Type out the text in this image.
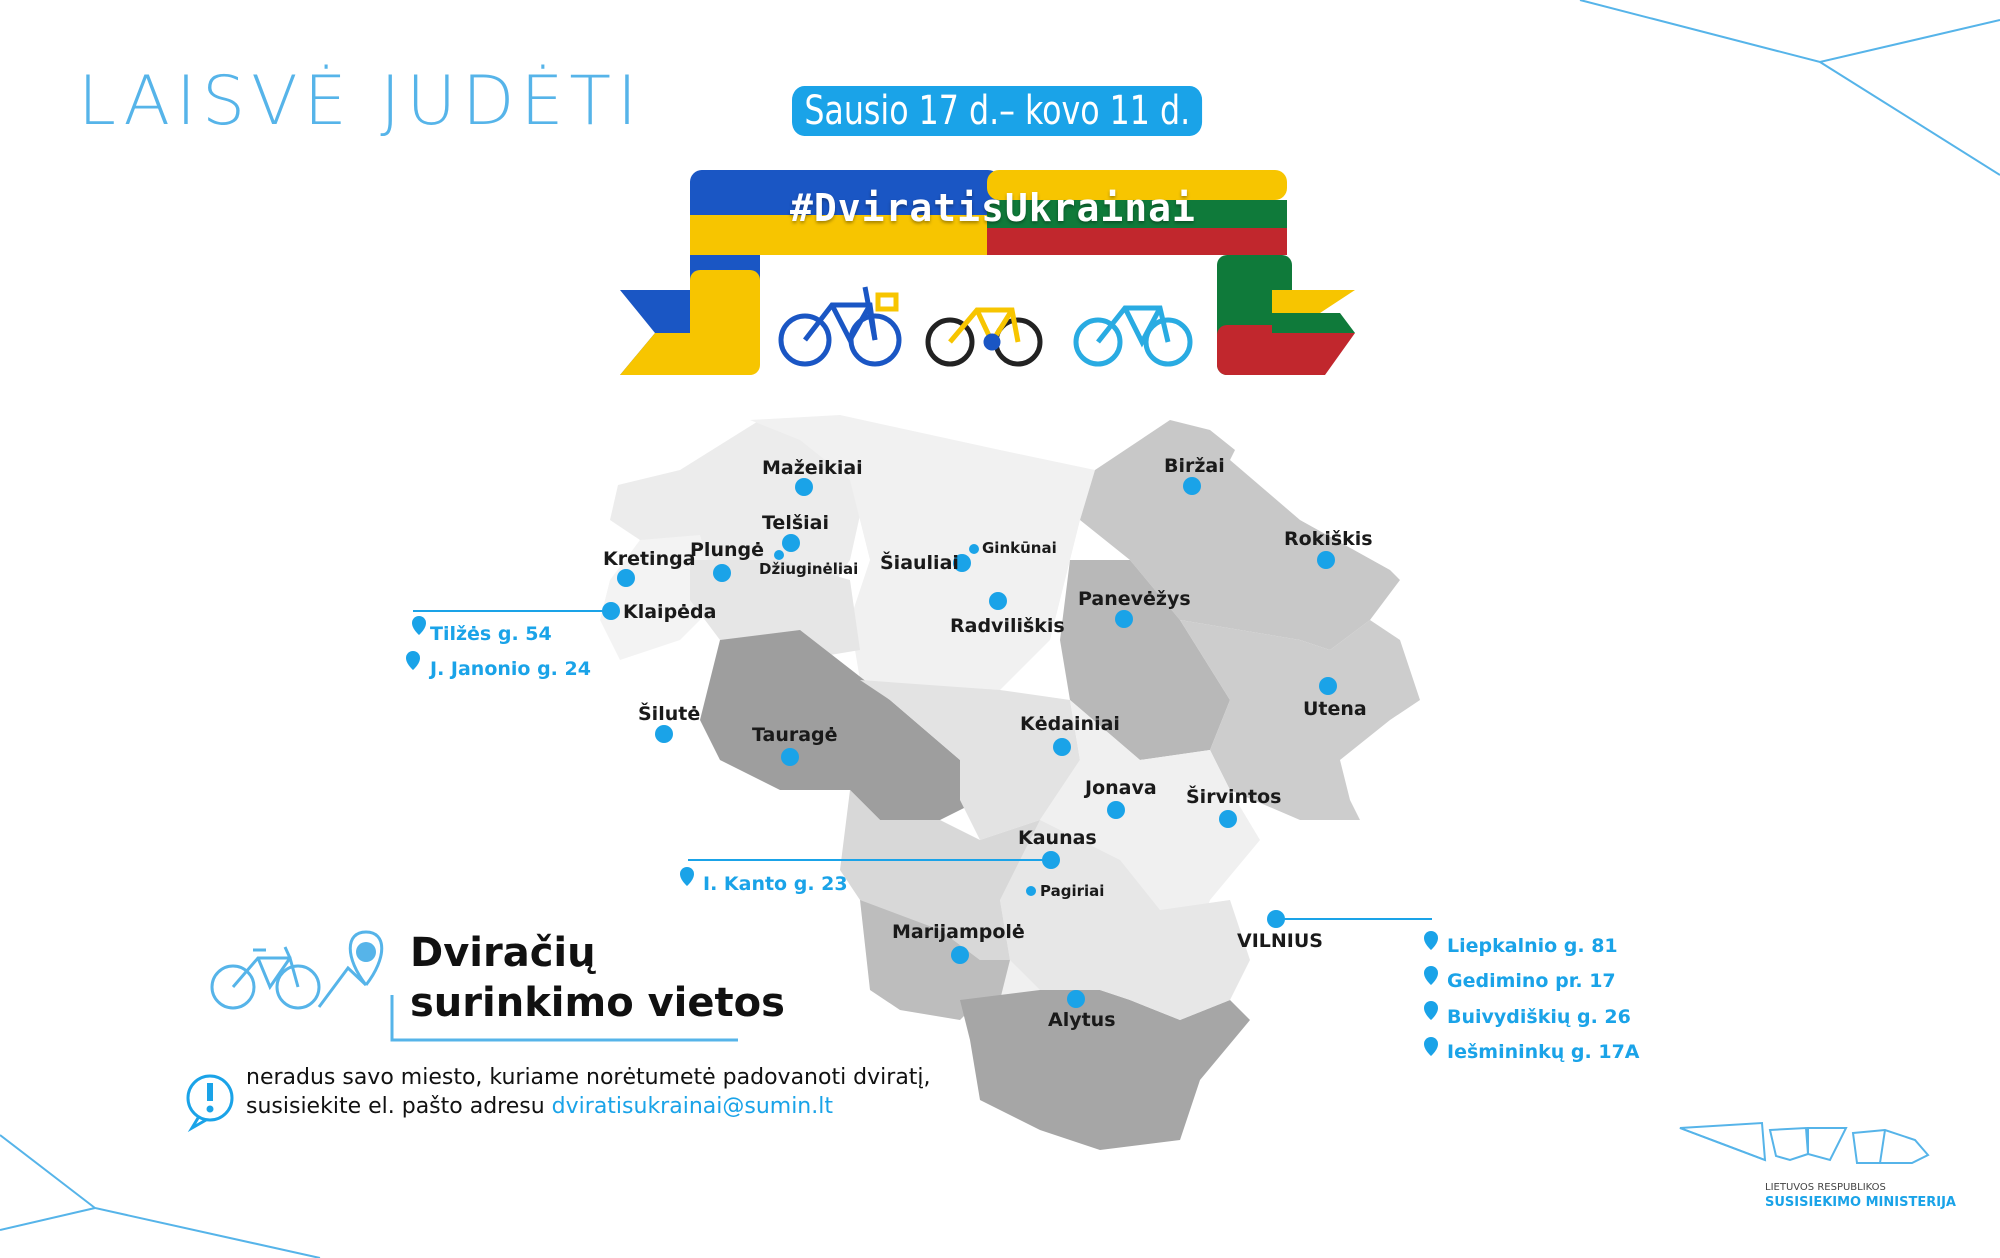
LAISVĖ JUDĖTI	Sausio 17 d.– kovo 11 d.
#DviratisUkrainai
Mažeikiai
Telšiai
Plungė
Džiuginėliai
Kretinga
Klaipėda
Šilutė
Tauragė
Šiauliai
Ginkūnai
Radviliškis
Biržai
Rokiškis
Panevėžys
Utena
Kėdainiai
Jonava Širvintos
Kaunas
Pagiriai
Marijampolė
Alytus
VILNIUS
Tilžės g. 54
J. Janonio g. 24
I. Kanto g. 23
Liepkalnio g. 81
Gedimino pr. 17
Buivydiškių g. 26
Iešmininkų g. 17A
Dviračių
surinkimo vietos
neradus savo miesto, kuriame norėtumetė padovanoti dviratį,
susisiekite el. pašto adresu dviratisukrainai@sumin.lt
LIETUVOS RESPUBLIKOS
SUSISIEKIMO MINISTERIJA
